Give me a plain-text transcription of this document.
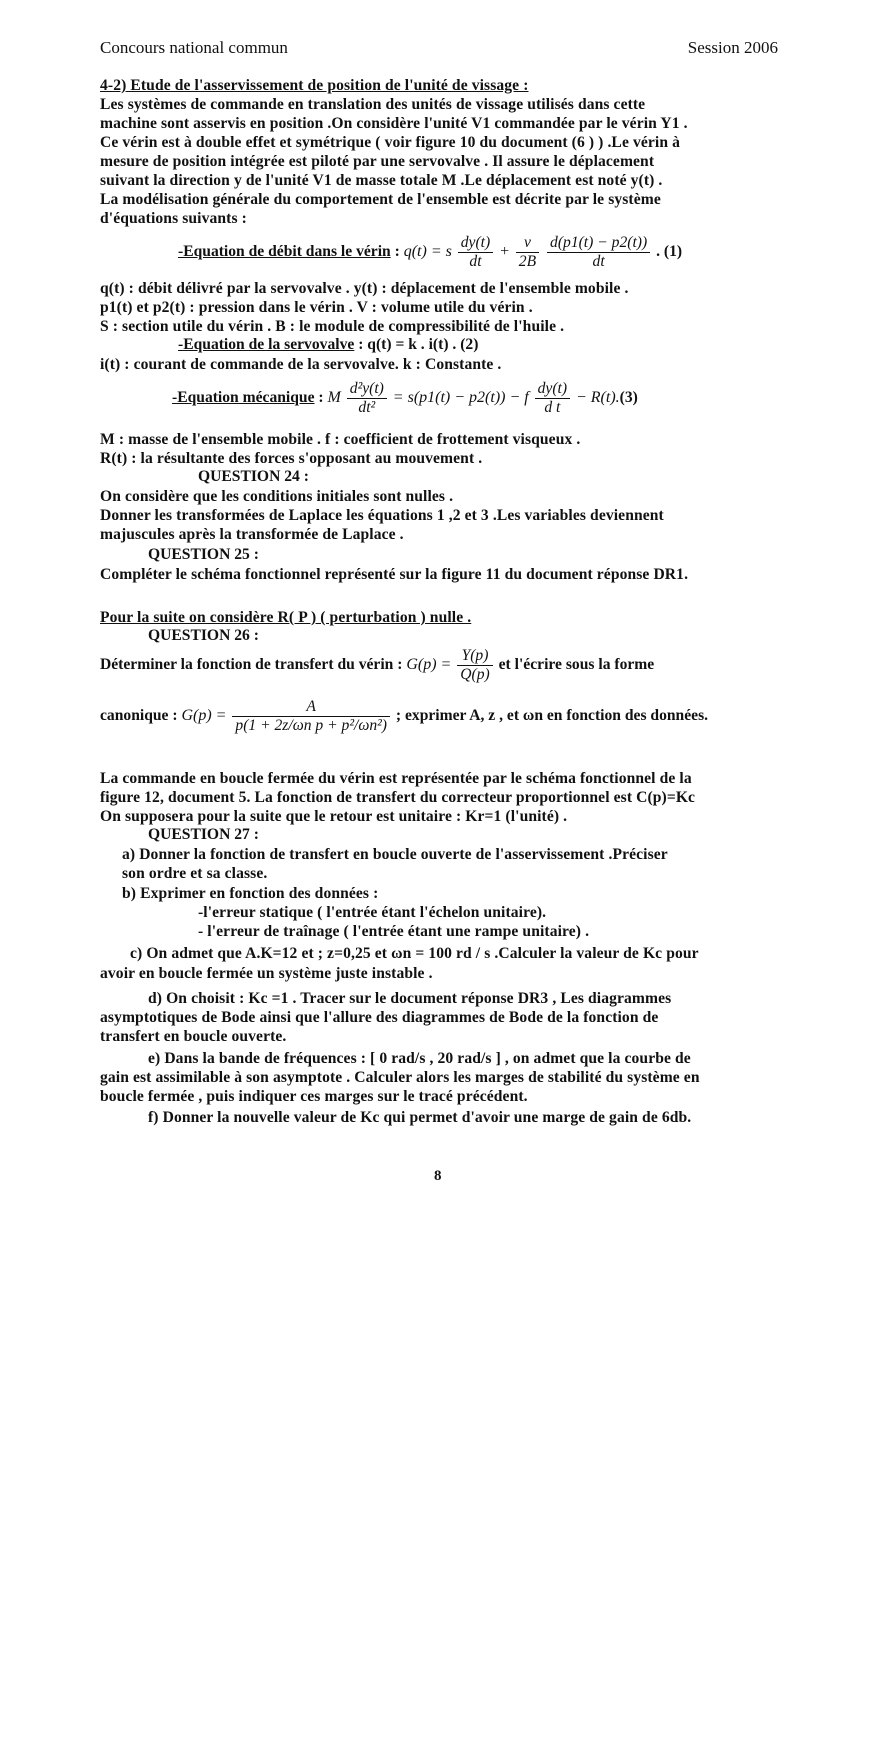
Concours national commun	Session 2006
4-2) Etude de l'asservissement de position de l'unité de vissage :
Les systèmes de commande en translation des unités de vissage utilisés dans cette
machine sont asservis en position .On considère l'unité V1 commandée par le vérin Y1 .
Ce vérin est à double effet et symétrique ( voir figure 10 du document (6 ) ) .Le vérin à
mesure de position intégrée est piloté par une servovalve . Il assure le déplacement
suivant la direction y de l'unité V1 de masse totale M .Le déplacement est noté y(t) .
La modélisation générale du comportement de l'ensemble est décrite par le système
d'équations suivants :
-Equation de débit dans le vérin : q(t) = s $\frac{dy(t)}{dt} + \frac{v}{2B}$
$\frac{d(p1(t) - p2(t))}{dt}$ . (1)
q(t) : débit délivré par la servovalve . y(t) : déplacement de l'ensemble mobile .
p1(t) et p2(t) : pression dans le vérin . V : volume utile du vérin .
S : section utile du vérin . B : le module de compressibilité de l'huile .
-Equation de la servovalve : q(t) = k . i(t) . (2)
i(t) : courant de commande de la servovalve. k : Constante .
-Equation mécanique : M $\frac{\text{d²y(t)}}{\text{dt²}} = s(p1(t) - p2(t)) - f \frac{dy(t)}{\text{d t}} - R(t).(3)$
M : masse de l'ensemble mobile . f : coefficient de frottement visqueux .
R(t) : la résultante des forces s'opposant au mouvement .
QUESTION 24 :
On considère que les conditions initiales sont nulles .
Donner les transformées de Laplace les équations 1 ,2 et 3 .Les variables deviennent
majuscules après la transformée de Laplace .
QUESTION 25 :
Compléter le schéma fonctionnel représenté sur la figure 11 du document réponse DR1.
Pour la suite on considère R( P ) ( perturbation ) nulle .
QUESTION 26 :
Déterminer la fonction de transfert du vérin : $G(p) = \frac{Y(p)}{Q(p)}$ et l'écrire sous la forme
canonique : $G(p) = \frac{A}{\text{p(1 + 2z/ωn p + p²/ωn²)}}$ ; exprimer A, z , et ωn en fonction des données.
La commande en boucle fermée du vérin est représentée par le schéma fonctionnel de la
figure 12, document 5. La fonction de transfert du correcteur proportionnel est C(p)=Kc
On supposera pour la suite que le retour est unitaire : Kr=1 (l'unité) .
QUESTION 27 :
a) Donner la fonction de transfert en boucle ouverte de l'asservissement .Préciser
son ordre et sa classe.
b) Exprimer en fonction des données :
-l'erreur statique ( l'entrée étant l'échelon unitaire).
- l'erreur de traînage ( l'entrée étant une rampe unitaire) .
c) On admet que A.K=12 et ; z=0,25 et ωn = 100 rd / s .Calculer la valeur de Kc pour
avoir en boucle fermée un système juste instable .
d) On choisit : Kc =1 . Tracer sur le document réponse DR3 , Les diagrammes
asymptotiques de Bode ainsi que l'allure des diagrammes de Bode de la fonction de
transfert en boucle ouverte.
e) Dans la bande de fréquences : [ 0 rad/s , 20 rad/s ] , on admet que la courbe de
gain est assimilable à son asymptote . Calculer alors les marges de stabilité du système en
boucle fermée , puis indiquer ces marges sur le tracé précédent.
f) Donner la nouvelle valeur de Kc qui permet d'avoir une marge de gain de 6db.
8
